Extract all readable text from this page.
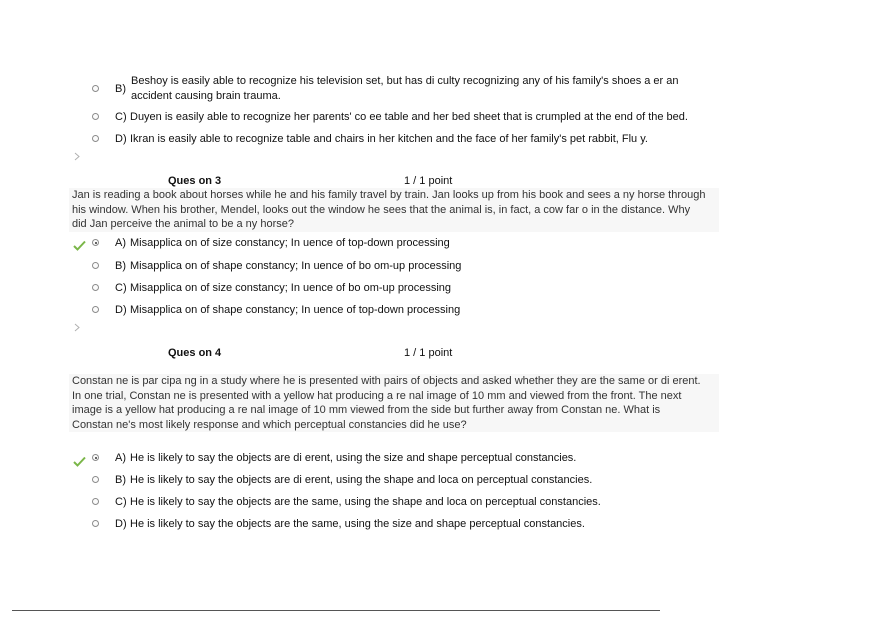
B)
Beshoy is easily able to recognize his television set, but has di culty recognizing any of his family's shoes a er an
accident causing brain trauma.
C) Duyen is easily able to recognize her parents' co ee table and her bed sheet that is crumpled at the end of the bed.
D) Ikran is easily able to recognize table and chairs in her kitchen and the face of her family's pet rabbit, Flu y.
Ques on 3	1 / 1 point

Jan is reading a book about horses while he and his family travel by train. Jan looks up from his book and sees a ny horse through

his window. When his brother, Mendel, looks out the window he sees that the animal is, in fact, a cow far o in the distance. Why

did Jan perceive the animal to be a ny horse?

A) Misapplica on of size constancy; In uence of top-down processing
B) Misapplica on of shape constancy; In uence of bo om-up processing
C) Misapplica on of size constancy; In uence of bo om-up processing
D) Misapplica on of shape constancy; In uence of top-down processing
Ques on 4	1 / 1 point

Constan ne is par cipa ng in a study where he is presented with pairs of objects and asked whether they are the same or di erent.

In one trial, Constan ne is presented with a yellow hat producing a re nal image of 10 mm and viewed from the front. The next

image is a yellow hat producing a re nal image of 10 mm viewed from the side but further away from Constan ne. What is

Constan ne's most likely response and which perceptual constancies did he use?

A) He is likely to say the objects are di erent, using the size and shape perceptual constancies.
B) He is likely to say the objects are di erent, using the shape and loca on perceptual constancies.
C) He is likely to say the objects are the same, using the shape and loca on perceptual constancies.
D) He is likely to say the objects are the same, using the size and shape perceptual constancies.
